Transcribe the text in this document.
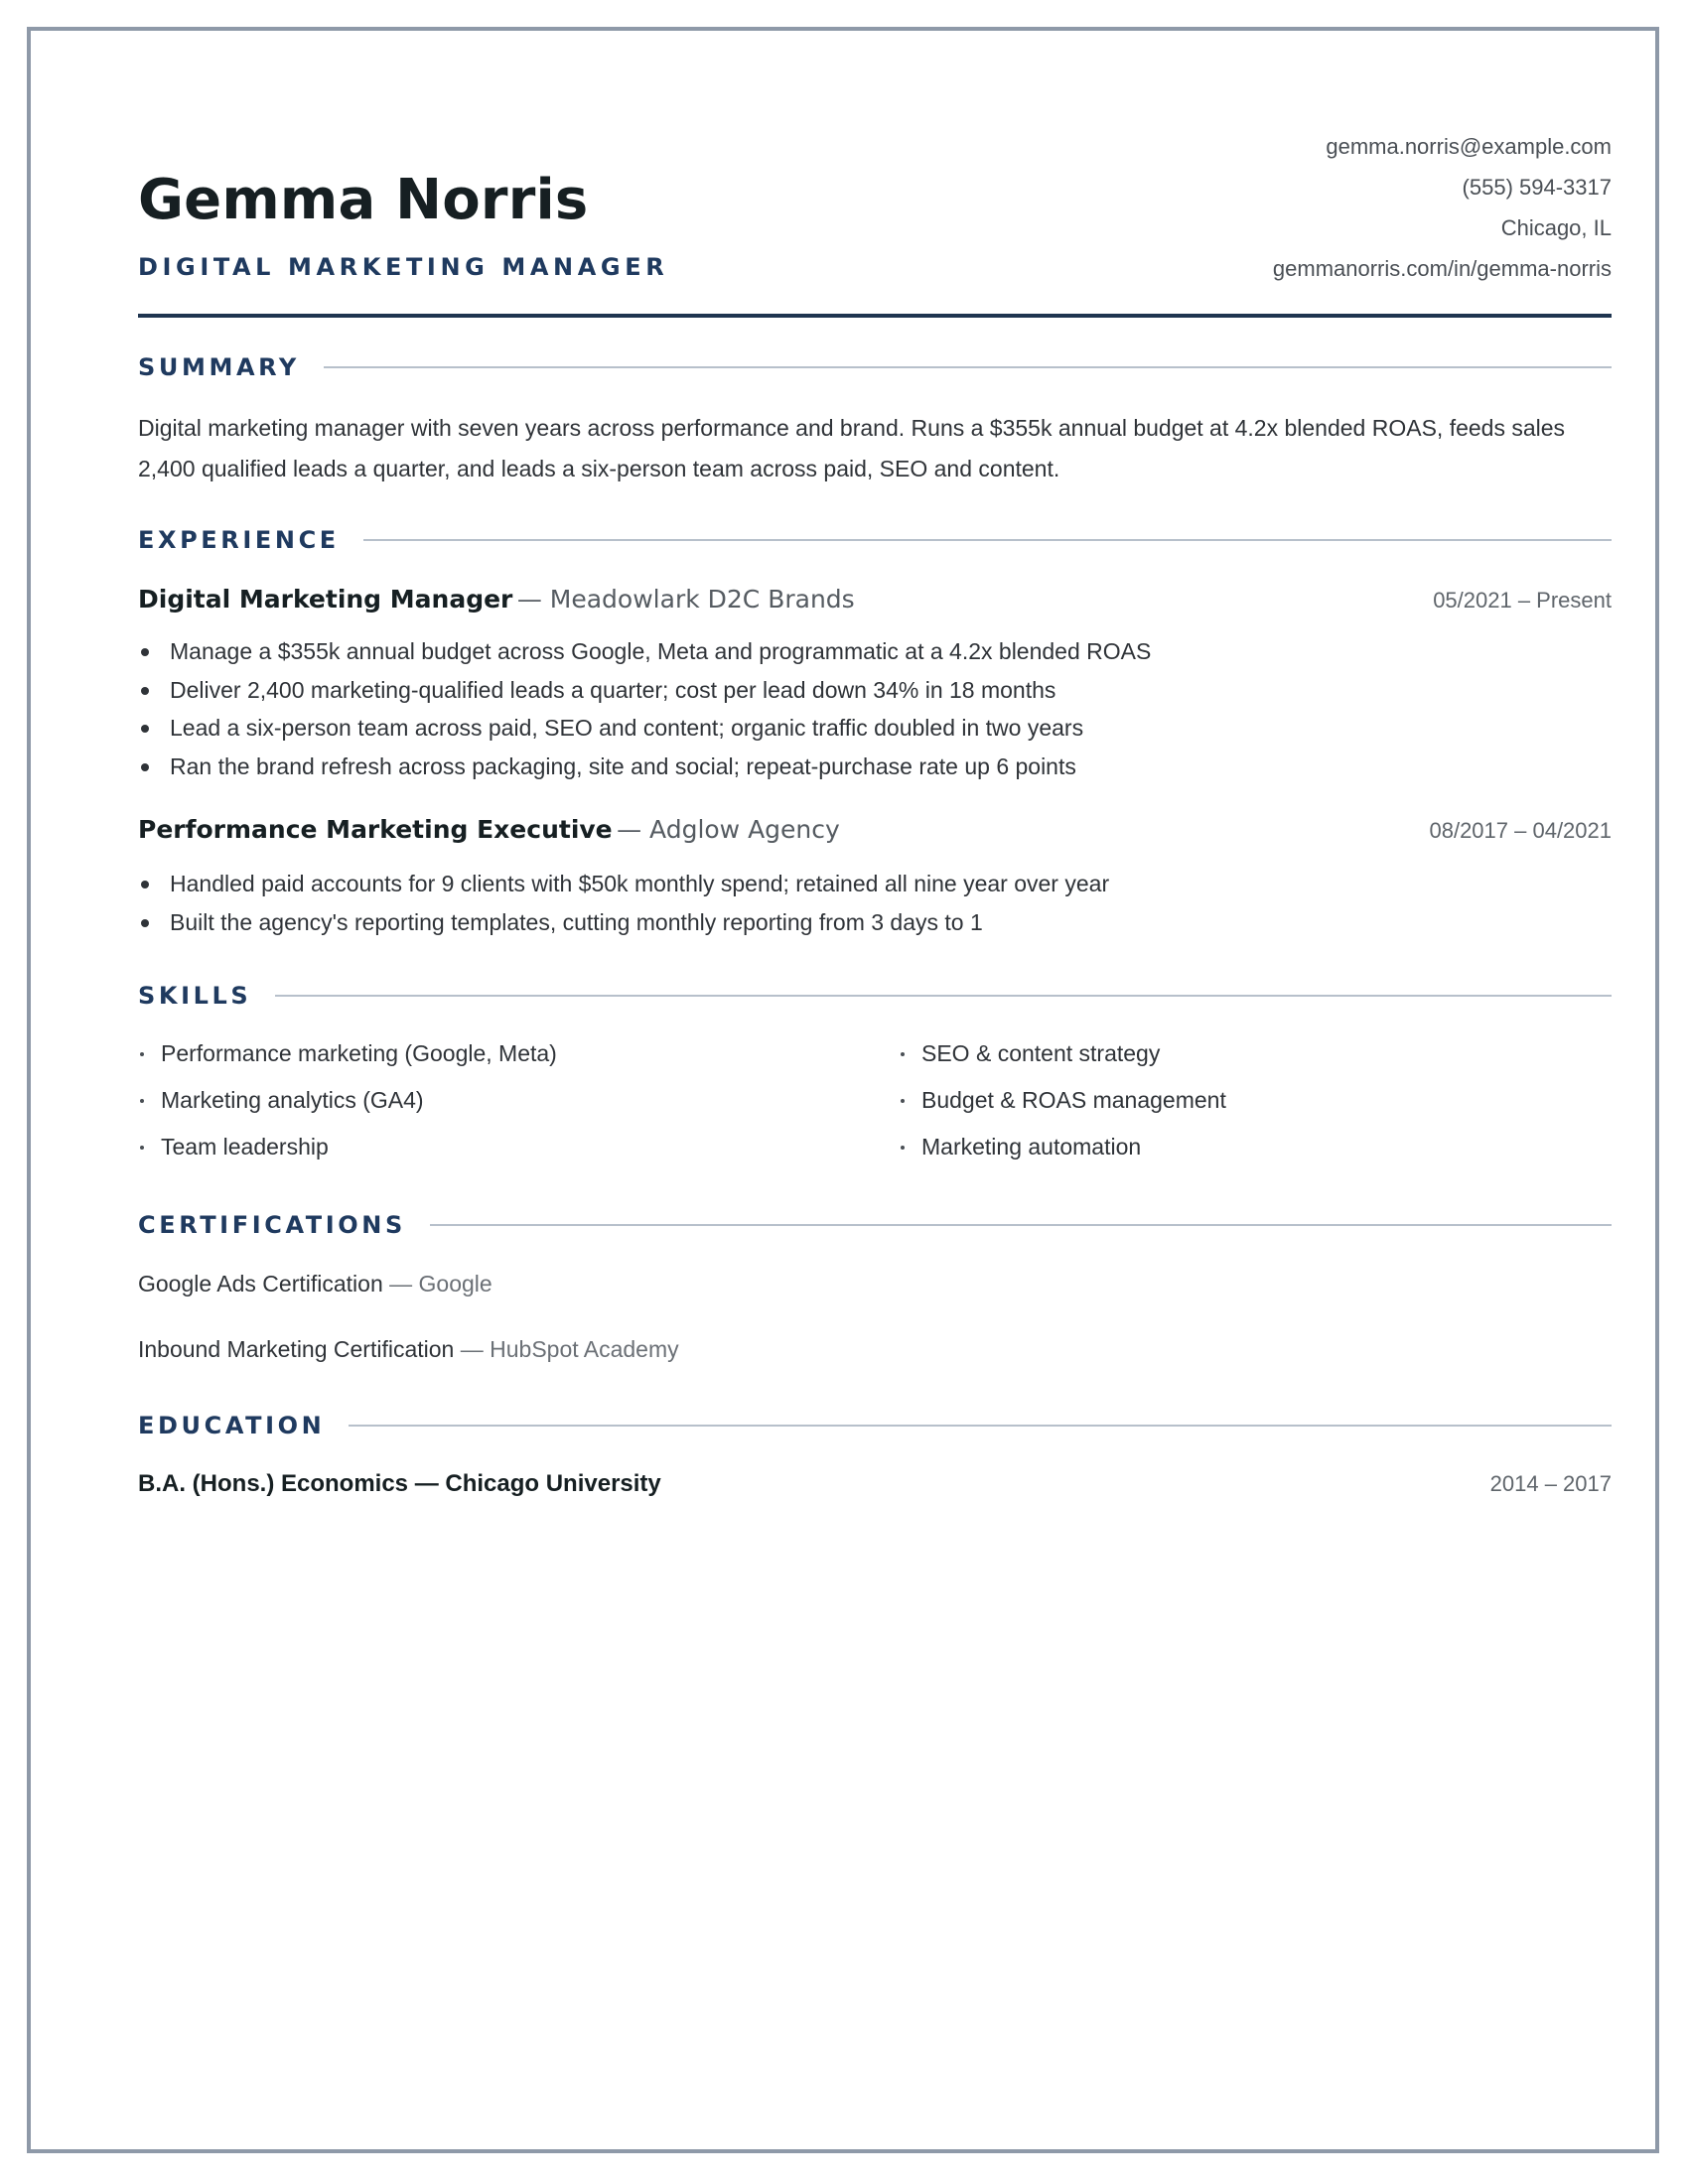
Gemma Norris
DIGITAL MARKETING MANAGER
gemma.norris@example.com
(555) 594-3317
Chicago, IL
gemmanorris.com/in/gemma-norris
SUMMARY
Digital marketing manager with seven years across performance and brand. Runs a $355k annual budget at 4.2x blended ROAS, feeds sales 2,400 qualified leads a quarter, and leads a six-person team across paid, SEO and content.
EXPERIENCE
Digital Marketing Manager — Meadowlark D2C Brands	05/2021 – Present
Manage a $355k annual budget across Google, Meta and programmatic at a 4.2x blended ROAS
Deliver 2,400 marketing-qualified leads a quarter; cost per lead down 34% in 18 months
Lead a six-person team across paid, SEO and content; organic traffic doubled in two years
Ran the brand refresh across packaging, site and social; repeat-purchase rate up 6 points
Performance Marketing Executive — Adglow Agency	08/2017 – 04/2021
Handled paid accounts for 9 clients with $50k monthly spend; retained all nine year over year
Built the agency's reporting templates, cutting monthly reporting from 3 days to 1
SKILLS
Performance marketing (Google, Meta)	SEO & content strategy
Marketing analytics (GA4)	Budget & ROAS management
Team leadership	Marketing automation
CERTIFICATIONS
Google Ads Certification — Google
Inbound Marketing Certification — HubSpot Academy
EDUCATION
B.A. (Hons.) Economics — Chicago University	2014 – 2017
